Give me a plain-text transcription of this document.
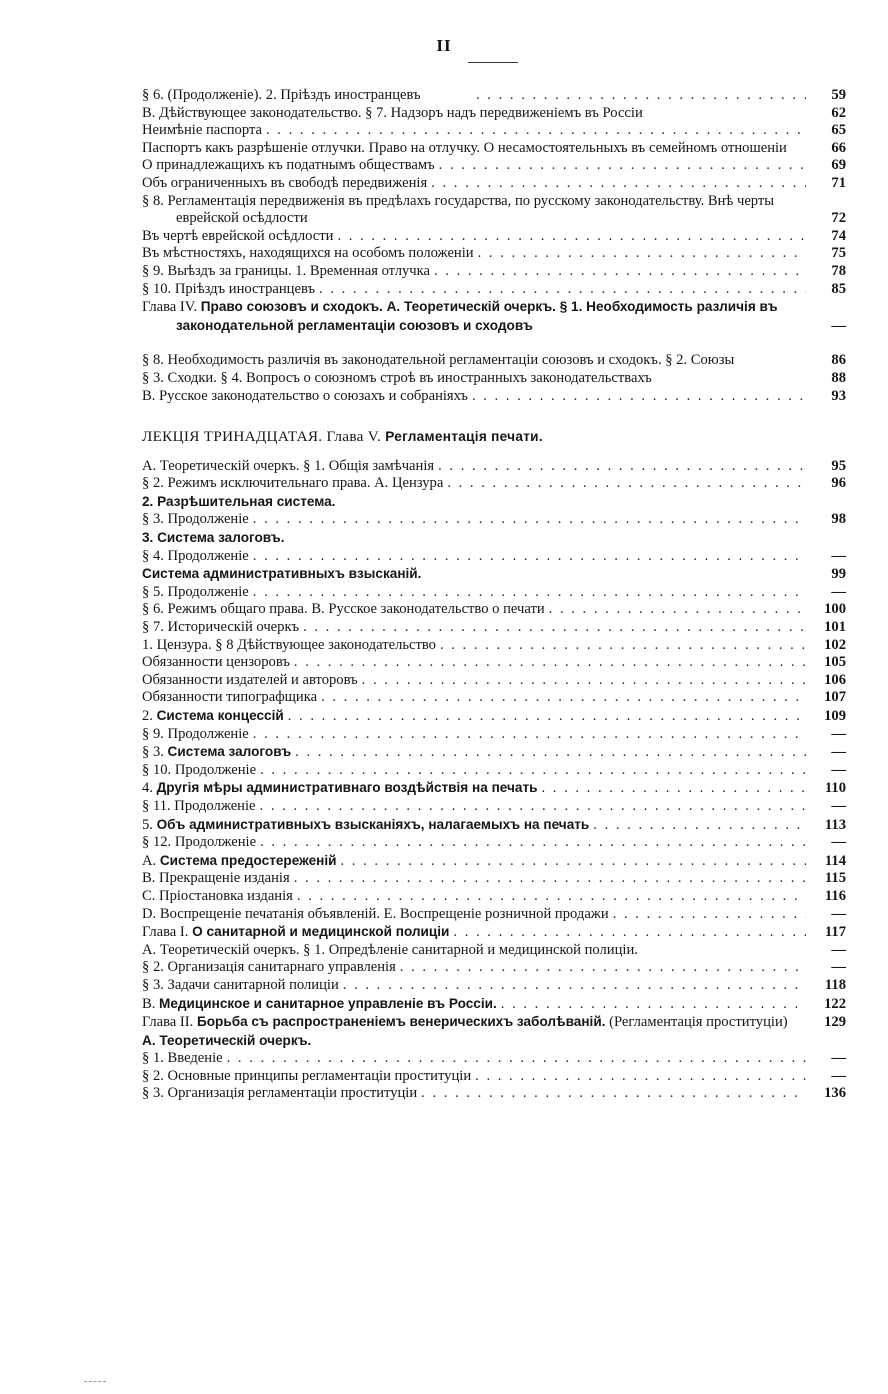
II
§ 6. (Продолженіе). 2. Пріѣздъ иностранцевъ . . .	59
В. Дѣйствующее законодательство. § 7. Надзоръ надъ передвиженіемъ въ Россіи	62
Неимѣніе паспорта . . .	65
Паспортъ какъ разрѣшеніе отлучки. Право на отлучку. О несамостоятельныхъ въ семейномъ отношеніи	66
О принадлежащихъ къ податнымъ обществамъ . . .	69
Объ ограниченныхъ въ свободѣ передвиженія . . .	71
§ 8. Регламентація передвиженія въ предѣлахъ государства, по русскому законодательству. Внѣ черты еврейской осѣдлости	72
Въ чертѣ еврейской осѣдлости . . .	74
Въ мѣстностяхъ, находящихся на особомъ положеніи . . .	75
§ 9. Выѣздъ за границы. 1. Временная отлучка . . .	78
§ 10. Пріѣздъ иностранцевъ . . .	85
Глава IV. Право союзовъ и сходокъ. А. Теоретическій очеркъ. § 1. Необходимость различія въ законодательной регламентаціи союзовъ и сходовъ	—
§ 8. Необходимость различія въ законодательной регламентаціи союзовъ и сходокъ. § 2. Союзы	86
§ 3. Сходки. § 4. Вопросъ о союзномъ строѣ въ иностранныхъ законодательствахъ	88
В. Русское законодательство о союзахъ и собраніяхъ . . .	93
ЛЕКЦІЯ ТРИНАДЦАТАЯ. Глава V. Регламентація печати.
А. Теоретическій очеркъ. § 1. Общія замѣчанія . . .	95
§ 2. Режимъ исключительнаго права. А. Цензура . . .	96
2. Разрѣшительная система.
§ 3. Продолженіе . . .	98
3. Система залоговъ.
§ 4. Продолженіе . . .	—
Система административныхъ взысканій.	99
§ 5. Продолженіе . . .	—
§ 6. Режимъ общаго права. В. Русское законодательство о печати . . .	100
§ 7. Историческій очеркъ . . .	101
1. Цензура. § 8 Дѣйствующее законодательство . . .	102
Обязанности цензоровъ . . .	105
Обязанности издателей и авторовъ . . .	106
Обязанности типографщика . . .	107
2. Система концессій . . .	109
§ 9. Продолженіе . . .	—
§ 3. Система залоговъ . . .	—
§ 10. Продолженіе . . .	—
4. Другія мѣры административнаго воздѣйствія на печать . . .	110
§ 11. Продолженіе . . .	—
5. Объ административныхъ взысканіяхъ, налагаемыхъ на печать . . .	113
§ 12. Продолженіе . . .	—
А. Система предостереженій . . .	114
В. Прекращеніе изданія . . .	115
С. Пріостановка изданія . . .	116
D. Воспрещеніе печатанія объявленій. Е. Воспрещеніе розничной продажи . . .	—
Глава I. О санитарной и медицинской полиціи . . .	117
А. Теоретическій очеркъ. § 1. Опредѣленіе санитарной и медицинской полиціи.	—
§ 2. Организація санитарнаго управленія . . .	—
§ 3. Задачи санитарной полиціи . . .	118
В. Медицинское и санитарное управленіе въ Россіи. . . .	122
Глава II. Борьба съ распространеніемъ венерическихъ заболѣваній. (Регламентація проституціи)	129
А. Теоретическій очеркъ.
§ 1. Введеніе . . .	—
§ 2. Основные принципы регламентаціи проституціи . . .	—
§ 3. Организація регламентаціи проституціи . . .	136
